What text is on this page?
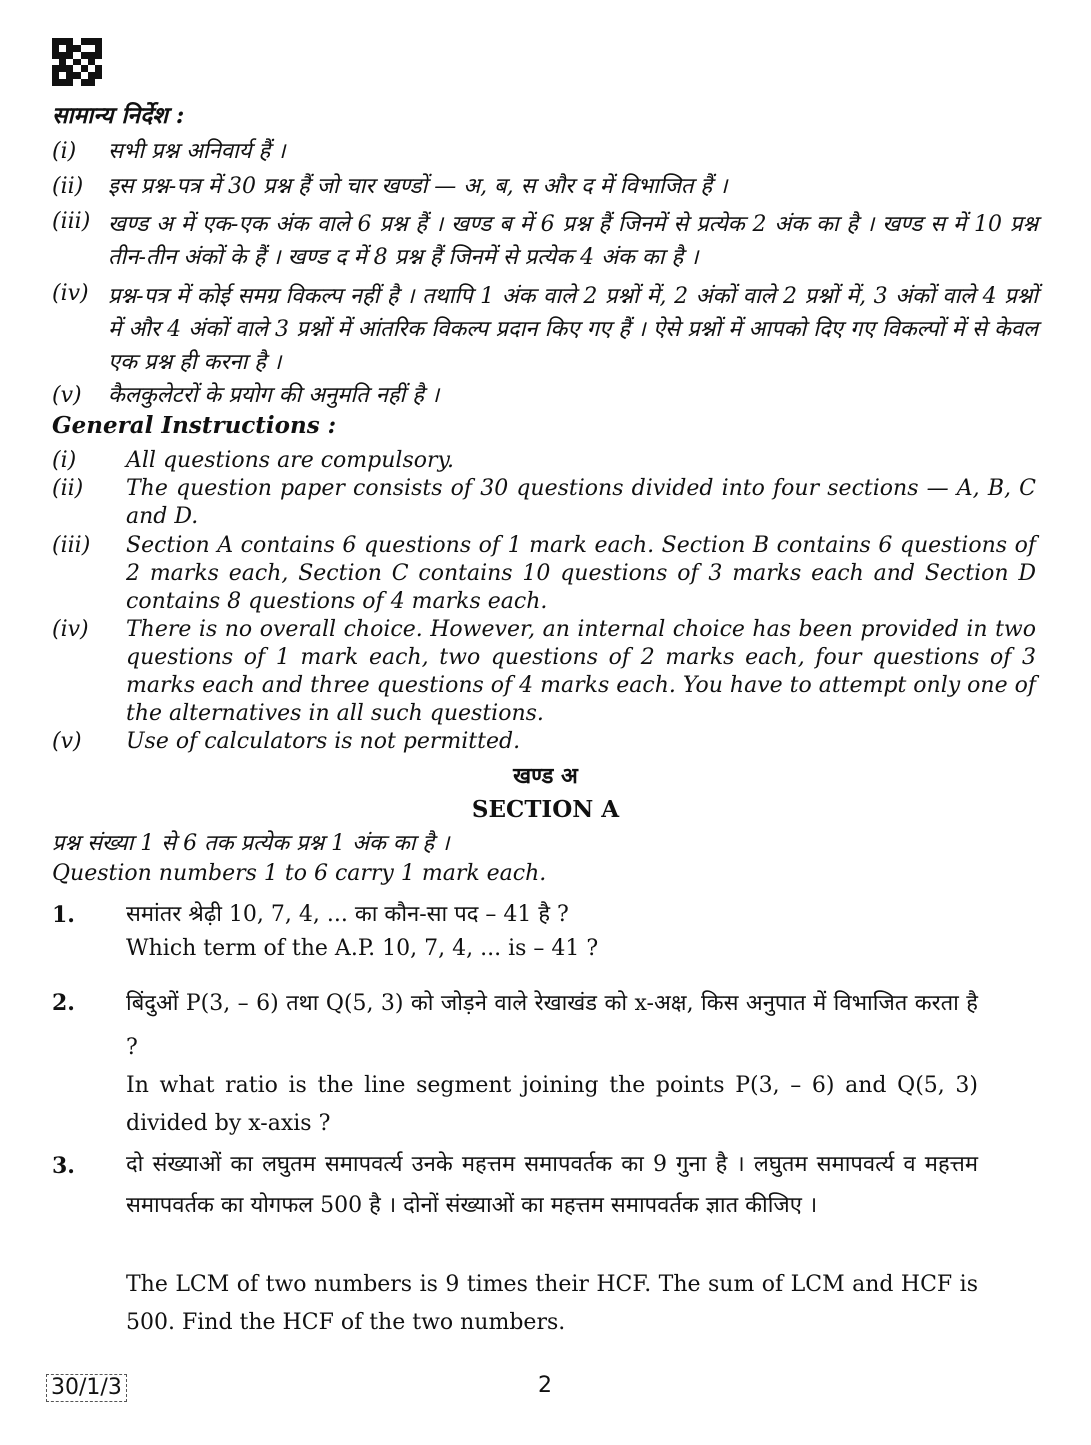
सामान्य निर्देश :
(i) सभी प्रश्न अनिवार्य हैं ।
(ii) इस प्रश्न-पत्र में 30 प्रश्न हैं जो चार खण्डों — अ, ब, स और द में विभाजित हैं ।
(iii) खण्ड अ में एक-एक अंक वाले 6 प्रश्न हैं । खण्ड ब में 6 प्रश्न हैं जिनमें से प्रत्येक 2 अंक का है । खण्ड स में 10 प्रश्न तीन-तीन अंकों के हैं । खण्ड द में 8 प्रश्न हैं जिनमें से प्रत्येक 4 अंक का है ।
(iv) प्रश्न-पत्र में कोई समग्र विकल्प नहीं है । तथापि 1 अंक वाले 2 प्रश्नों में, 2 अंकों वाले 2 प्रश्नों में, 3 अंकों वाले 4 प्रश्नों में और 4 अंकों वाले 3 प्रश्नों में आंतरिक विकल्प प्रदान किए गए हैं । ऐसे प्रश्नों में आपको दिए गए विकल्पों में से केवल एक प्रश्न ही करना है ।
(v) कैलकुलेटरों के प्रयोग की अनुमति नहीं है ।
General Instructions :
(i) All questions are compulsory.
(ii) The question paper consists of 30 questions divided into four sections — A, B, C and D.
(iii) Section A contains 6 questions of 1 mark each. Section B contains 6 questions of 2 marks each, Section C contains 10 questions of 3 marks each and Section D contains 8 questions of 4 marks each.
(iv) There is no overall choice. However, an internal choice has been provided in two questions of 1 mark each, two questions of 2 marks each, four questions of 3 marks each and three questions of 4 marks each. You have to attempt only one of the alternatives in all such questions.
(v) Use of calculators is not permitted.
खण्ड अ
SECTION A
प्रश्न संख्या 1 से 6 तक प्रत्येक प्रश्न 1 अंक का है ।
Question numbers 1 to 6 carry 1 mark each.
1. समांतर श्रेढ़ी 10, 7, 4, ... का कौन-सा पद – 41 है ?
Which term of the A.P. 10, 7, 4, ... is – 41 ?
2. बिंदुओं P(3, – 6) तथा Q(5, 3) को जोड़ने वाले रेखाखंड को x-अक्ष, किस अनुपात में विभाजित करता है ?
In what ratio is the line segment joining the points P(3, – 6) and Q(5, 3) divided by x-axis ?
3. दो संख्याओं का लघुतम समापवर्त्य उनके महत्तम समापवर्तक का 9 गुना है । लघुतम समापवर्त्य व महत्तम समापवर्तक का योगफल 500 है । दोनों संख्याओं का महत्तम समापवर्तक ज्ञात कीजिए ।
The LCM of two numbers is 9 times their HCF. The sum of LCM and HCF is 500. Find the HCF of the two numbers.
30/1/3	2
